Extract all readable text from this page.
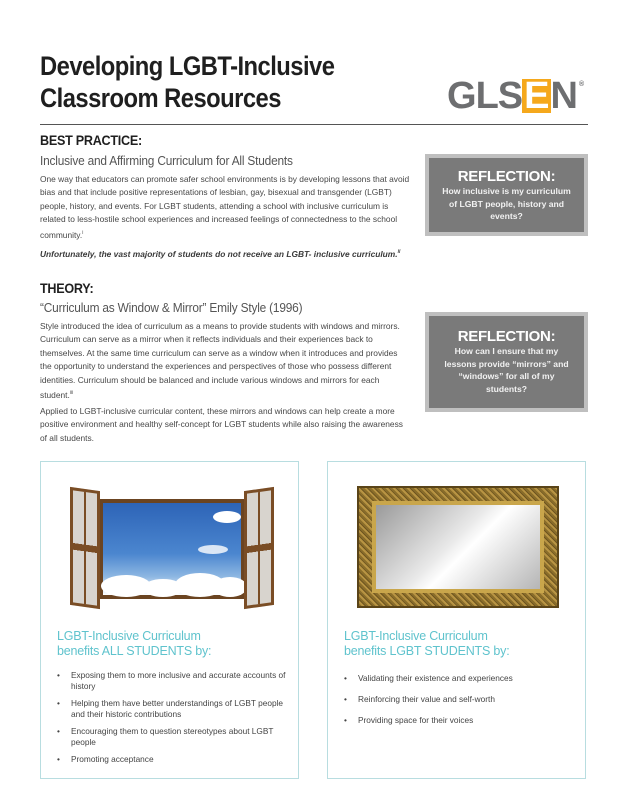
Developing LGBT-Inclusive
Classroom Resources	G L S E N ®
BEST PRACTICE:
Inclusive and Affirming Curriculum for All Students

One way that educators can promote safer school environments is by developing lessons that avoid bias and that include positive representations of lesbian, gay, bisexual and transgender (LGBT) people, history, and events. For LGBT students, attending a school with inclusive curriculum is related to less-hostile school experiences and increased feelings of connectedness to the school community.$^i$

Unfortunately, the vast majority of students do not receive an LGBT- inclusive curriculum.$^{ii}$

THEORY:
“Curriculum as Window & Mirror” Emily Style (1996)

Style introduced the idea of curriculum as a means to provide students with windows and mirrors. Curriculum can serve as a mirror when it reflects individuals and their experiences back to themselves. At the same time curriculum can serve as a window when it introduces and provides the opportunity to understand the experiences and perspectives of those who possess different identities. Curriculum should be balanced and include various windows and mirrors for each student.$^{iii}$

Applied to LGBT-inclusive curricular content, these mirrors and windows can help create a more positive environment and healthy self-concept for LGBT students while also raising the awareness of all students.

REFLECTION:

How inclusive is my curriculum of LGBT people, history and events?

REFLECTION:

How can I ensure that my lessons provide “mirrors” and “windows” for all of my students?

LGBT-Inclusive Curriculum
benefits ALL STUDENTS by:
• Exposing them to more inclusive and accurate accounts of history
• Helping them have better understandings of LGBT people and their historic contributions
• Encouraging them to question stereotypes about LGBT people
• Promoting acceptance
LGBT-Inclusive Curriculum
benefits LGBT STUDENTS by:
• Validating their existence and experiences
• Reinforcing their value and self-worth
• Providing space for their voices
